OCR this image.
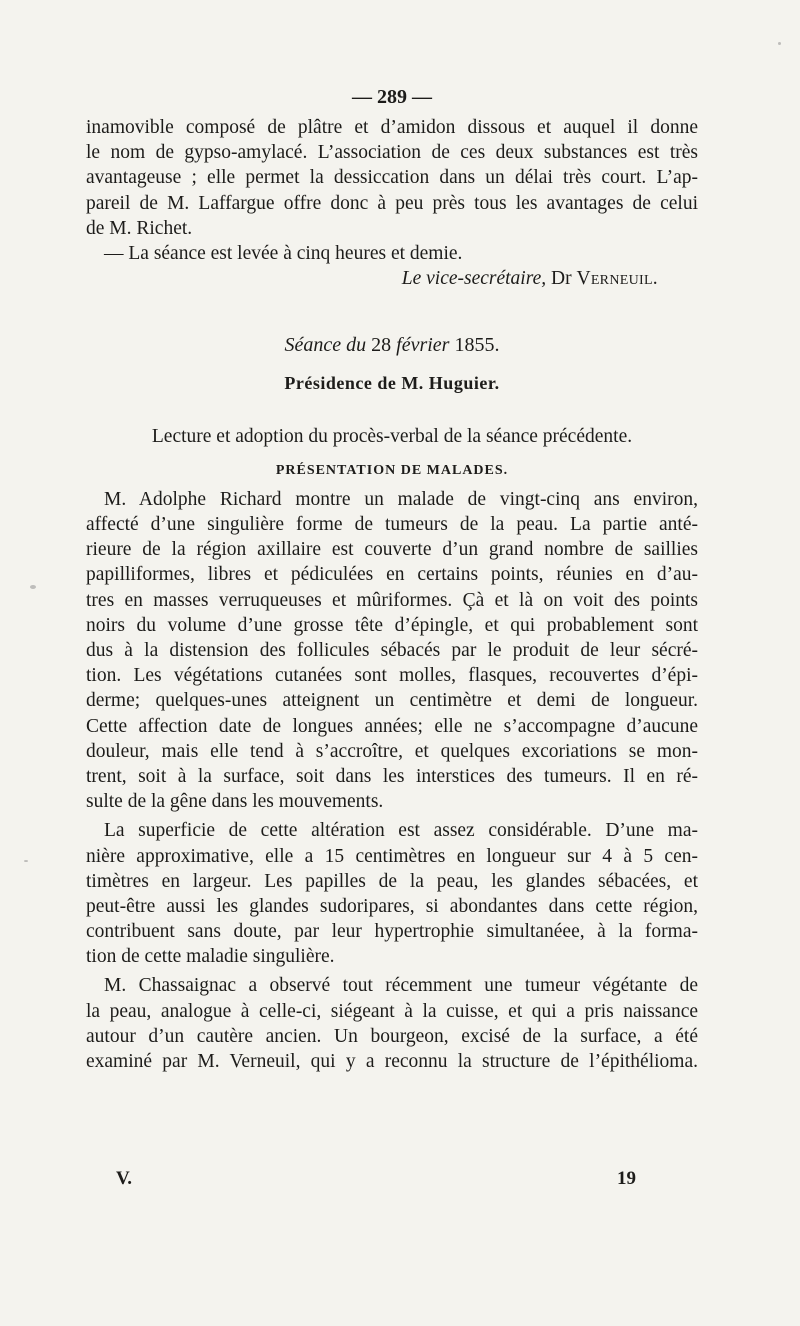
— 289 —
inamovible composé de plâtre et d’amidon dissous et auquel il donne
le nom de gypso-amylacé. L’association de ces deux substances est très
avantageuse ; elle permet la dessiccation dans un délai très court. L’ap-
pareil de M. Laffargue offre donc à peu près tous les avantages de celui
de M. Richet.
— La séance est levée à cinq heures et demie.
Le vice-secrétaire, Dr Verneuil.
Séance du 28 février 1855.
Présidence de M. Huguier.
Lecture et adoption du procès-verbal de la séance précédente.
PRÉSENTATION DE MALADES.
M. Adolphe Richard montre un malade de vingt-cinq ans environ,
affecté d’une singulière forme de tumeurs de la peau. La partie anté-
rieure de la région axillaire est couverte d’un grand nombre de saillies
papilliformes, libres et pédiculées en certains points, réunies en d’au-
tres en masses verruqueuses et mûriformes. Çà et là on voit des points
noirs du volume d’une grosse tête d’épingle, et qui probablement sont
dus à la distension des follicules sébacés par le produit de leur sécré-
tion. Les végétations cutanées sont molles, flasques, recouvertes d’épi-
derme; quelques-unes atteignent un centimètre et demi de longueur.
Cette affection date de longues années; elle ne s’accompagne d’aucune
douleur, mais elle tend à s’accroître, et quelques excoriations se mon-
trent, soit à la surface, soit dans les interstices des tumeurs. Il en ré-
sulte de la gêne dans les mouvements.
La superficie de cette altération est assez considérable. D’une ma-
nière approximative, elle a 15 centimètres en longueur sur 4 à 5 cen-
timètres en largeur. Les papilles de la peau, les glandes sébacées, et
peut-être aussi les glandes sudoripares, si abondantes dans cette région,
contribuent sans doute, par leur hypertrophie simultanéee, à la forma-
tion de cette maladie singulière.
M. Chassaignac a observé tout récemment une tumeur végétante de
la peau, analogue à celle-ci, siégeant à la cuisse, et qui a pris naissance
autour d’un cautère ancien. Un bourgeon, excisé de la surface, a été
examiné par M. Verneuil, qui y a reconnu la structure de l’épithélioma.
V.	19
